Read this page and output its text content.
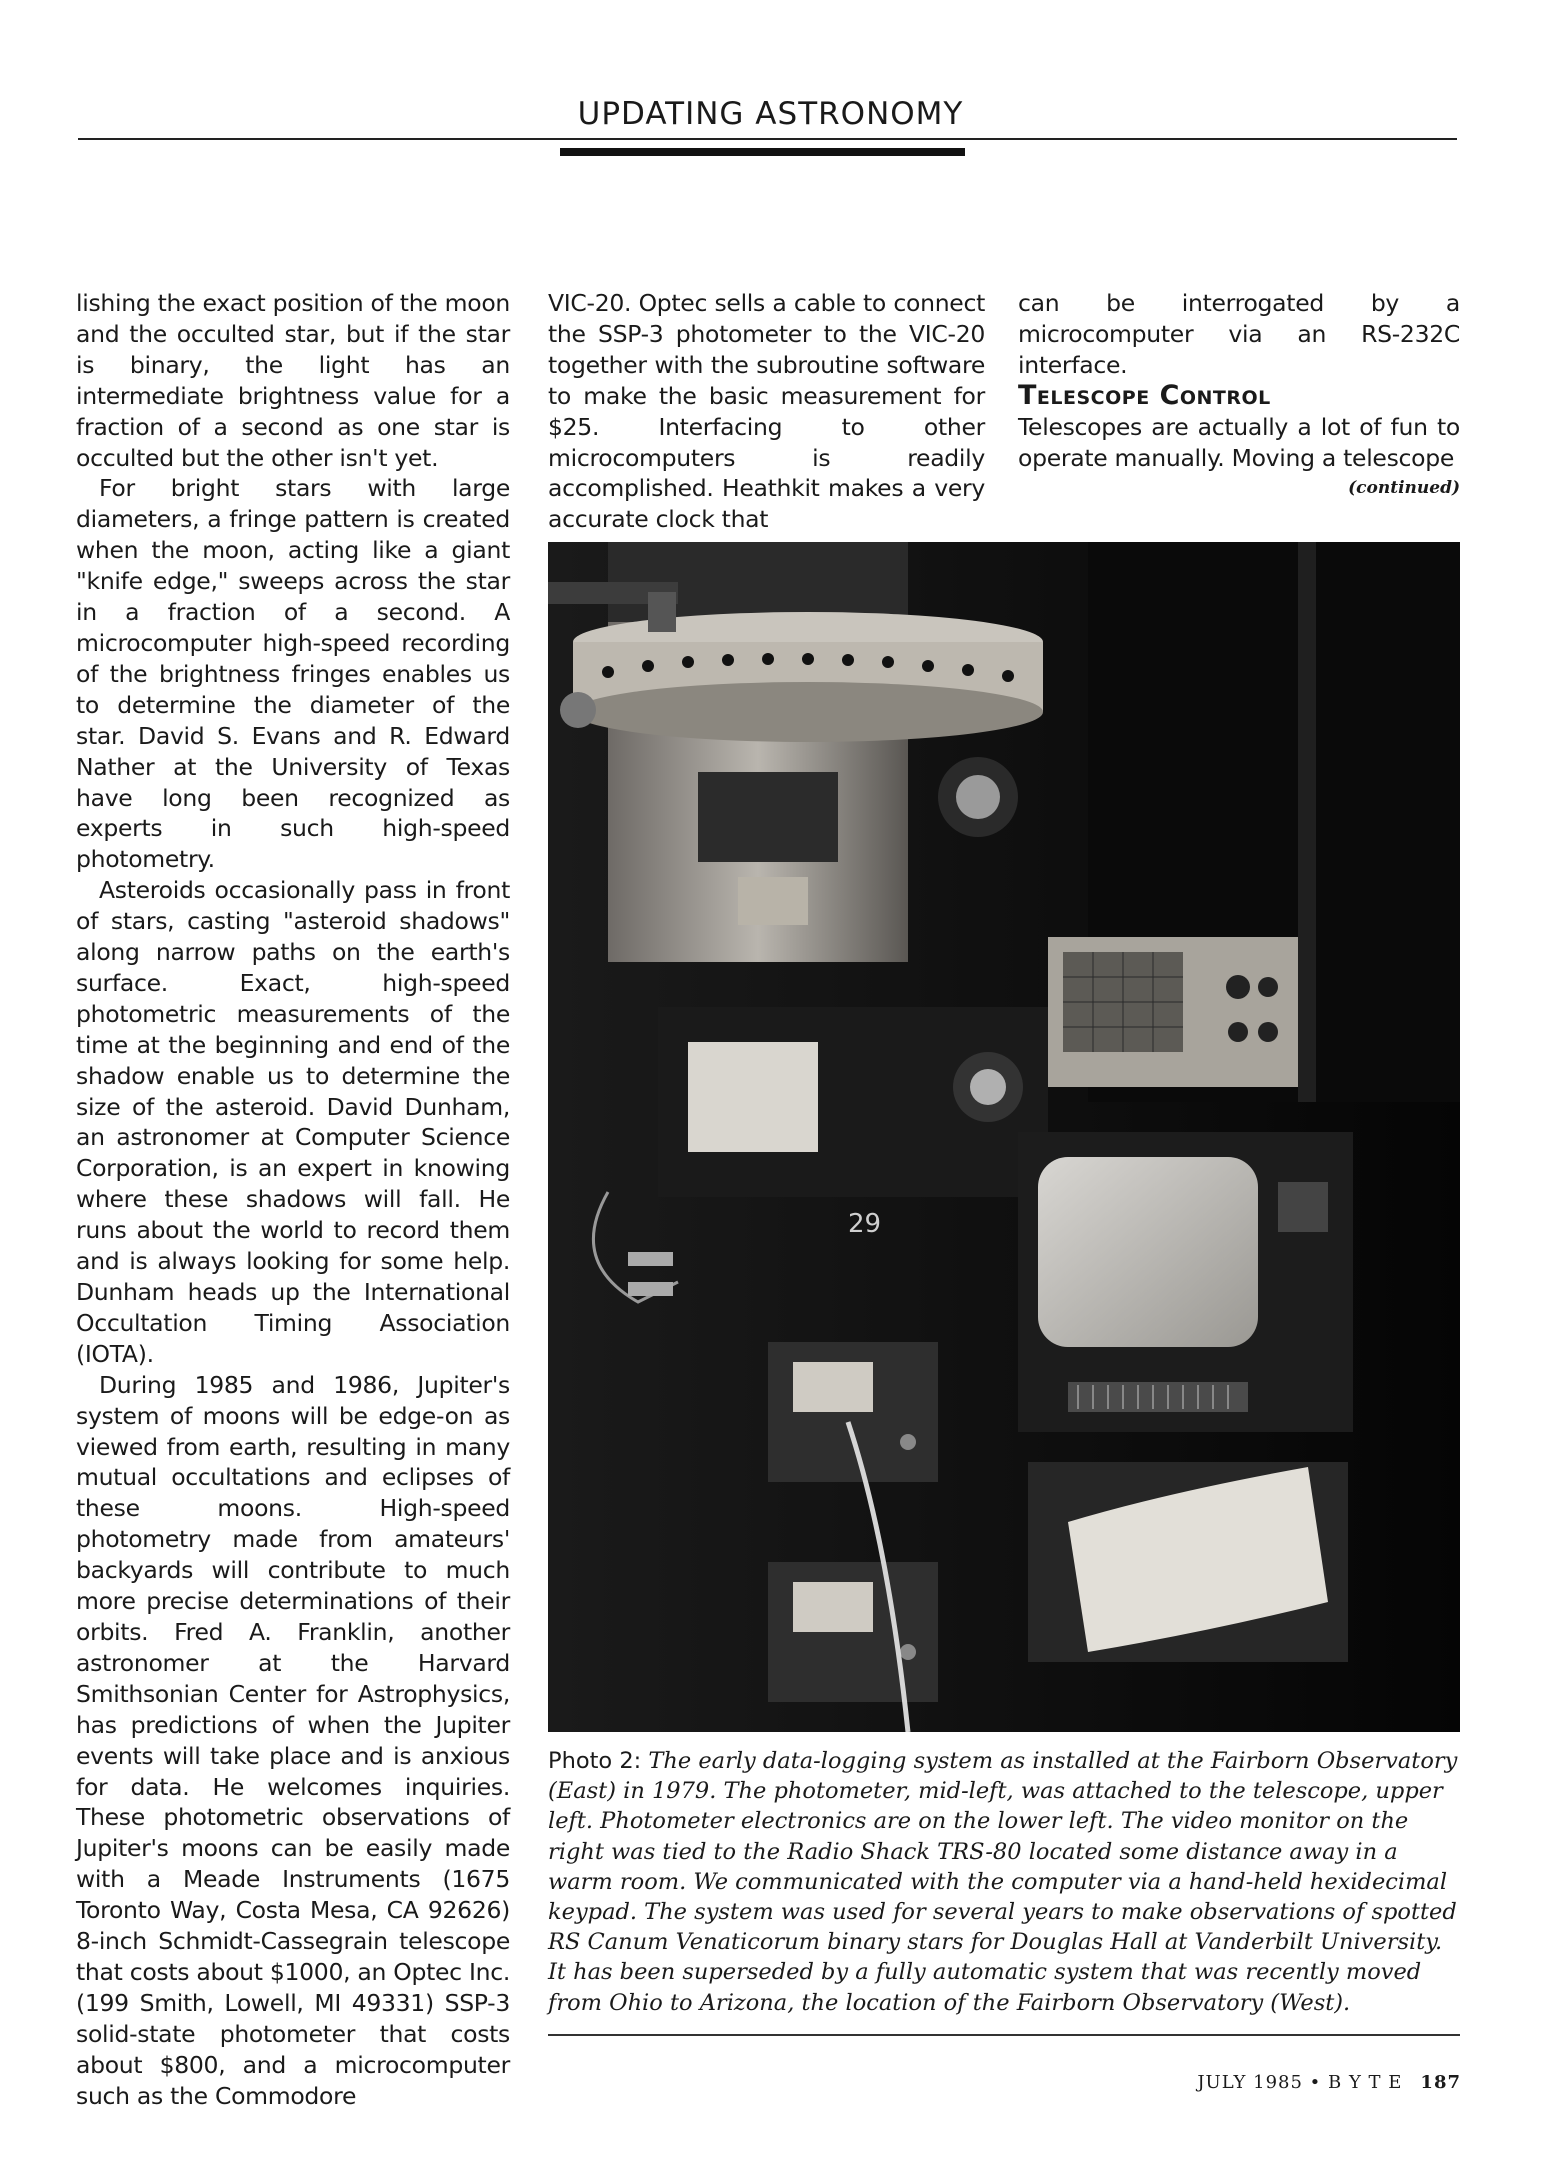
UPDATING ASTRONOMY

lishing the exact position of the moon and the occulted star, but if the star is binary, the light has an intermediate brightness value for a fraction of a second as one star is occulted but the other isn't yet.

For bright stars with large diameters, a fringe pattern is created when the moon, acting like a giant "knife edge," sweeps across the star in a fraction of a second. A microcomputer high-speed recording of the brightness fringes enables us to determine the diameter of the star. David S. Evans and R. Edward Nather at the University of Texas have long been recognized as experts in such high-speed photometry.

Asteroids occasionally pass in front of stars, casting "asteroid shadows" along narrow paths on the earth's surface. Exact, high-speed photometric measurements of the time at the beginning and end of the shadow enable us to determine the size of the asteroid. David Dunham, an astronomer at Computer Science Corporation, is an expert in knowing where these shadows will fall. He runs about the world to record them and is always looking for some help. Dunham heads up the International Occultation Timing Association (IOTA).

During 1985 and 1986, Jupiter's system of moons will be edge-on as viewed from earth, resulting in many mutual occultations and eclipses of these moons. High-speed photometry made from amateurs' backyards will contribute to much more precise determinations of their orbits. Fred A. Franklin, another astronomer at the Harvard Smithsonian Center for Astrophysics, has predictions of when the Jupiter events will take place and is anxious for data. He welcomes inquiries. These photometric observations of Jupiter's moons can be easily made with a Meade Instruments (1675 Toronto Way, Costa Mesa, CA 92626) 8-inch Schmidt-Cassegrain telescope that costs about $1000, an Optec Inc. (199 Smith, Lowell, MI 49331) SSP-3 solid-state photometer that costs about $800, and a microcomputer such as the Commodore

VIC-20. Optec sells a cable to connect the SSP-3 photometer to the VIC-20 together with the subroutine software to make the basic measurement for $25. Interfacing to other microcomputers is readily accomplished. Heathkit makes a very accurate clock that

can be interrogated by a microcomputer via an RS-232C interface.

Telescope Control

Telescopes are actually a lot of fun to operate manually. Moving a telescope

(continued)
29
Photo 2: The early data-logging system as installed at the Fairborn Observatory (East) in 1979. The photometer, mid-left, was attached to the telescope, upper left. Photometer electronics are on the lower left. The video monitor on the right was tied to the Radio Shack TRS-80 located some distance away in a warm room. We communicated with the computer via a hand-held hexidecimal keypad. The system was used for several years to make observations of spotted RS Canum Venaticorum binary stars for Douglas Hall at Vanderbilt University. It has been superseded by a fully automatic system that was recently moved from Ohio to Arizona, the location of the Fairborn Observatory (West).
JULY 1985 • B Y T E 187
